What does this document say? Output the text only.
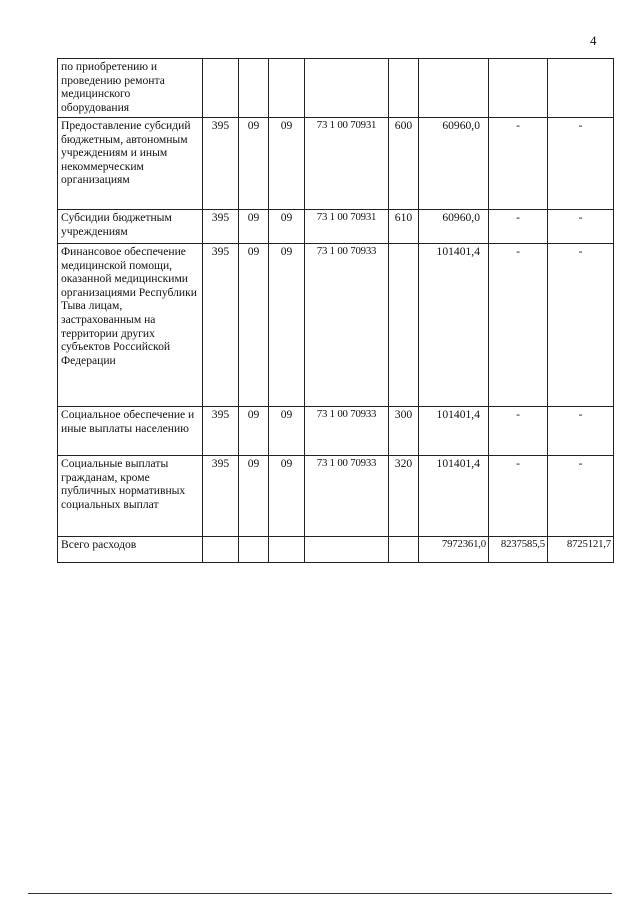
4
по приобретению и проведению ремонта медицинского оборудования								
Предоставление субсидий бюджетным, автономным учреждениям и иным некоммерческим организациям	395	09	09	73 1 00 70931	600	60960,0	-	-
Субсидии бюджетным учреждениям	395	09	09	73 1 00 70931	610	60960,0	-	-
Финансовое обеспечение медицинской помощи, оказанной медицинскими организациями Республики Тыва лицам, застрахованным на территории других субъектов Российской Федерации	395	09	09	73 1 00 70933		101401,4	-	-
Социальное обеспечение и иные выплаты населению	395	09	09	73 1 00 70933	300	101401,4	-	-
Социальные выплаты гражданам, кроме публичных нормативных социальных выплат	395	09	09	73 1 00 70933	320	101401,4	-	-
Всего расходов						7972361,0	8237585,5	8725121,7
